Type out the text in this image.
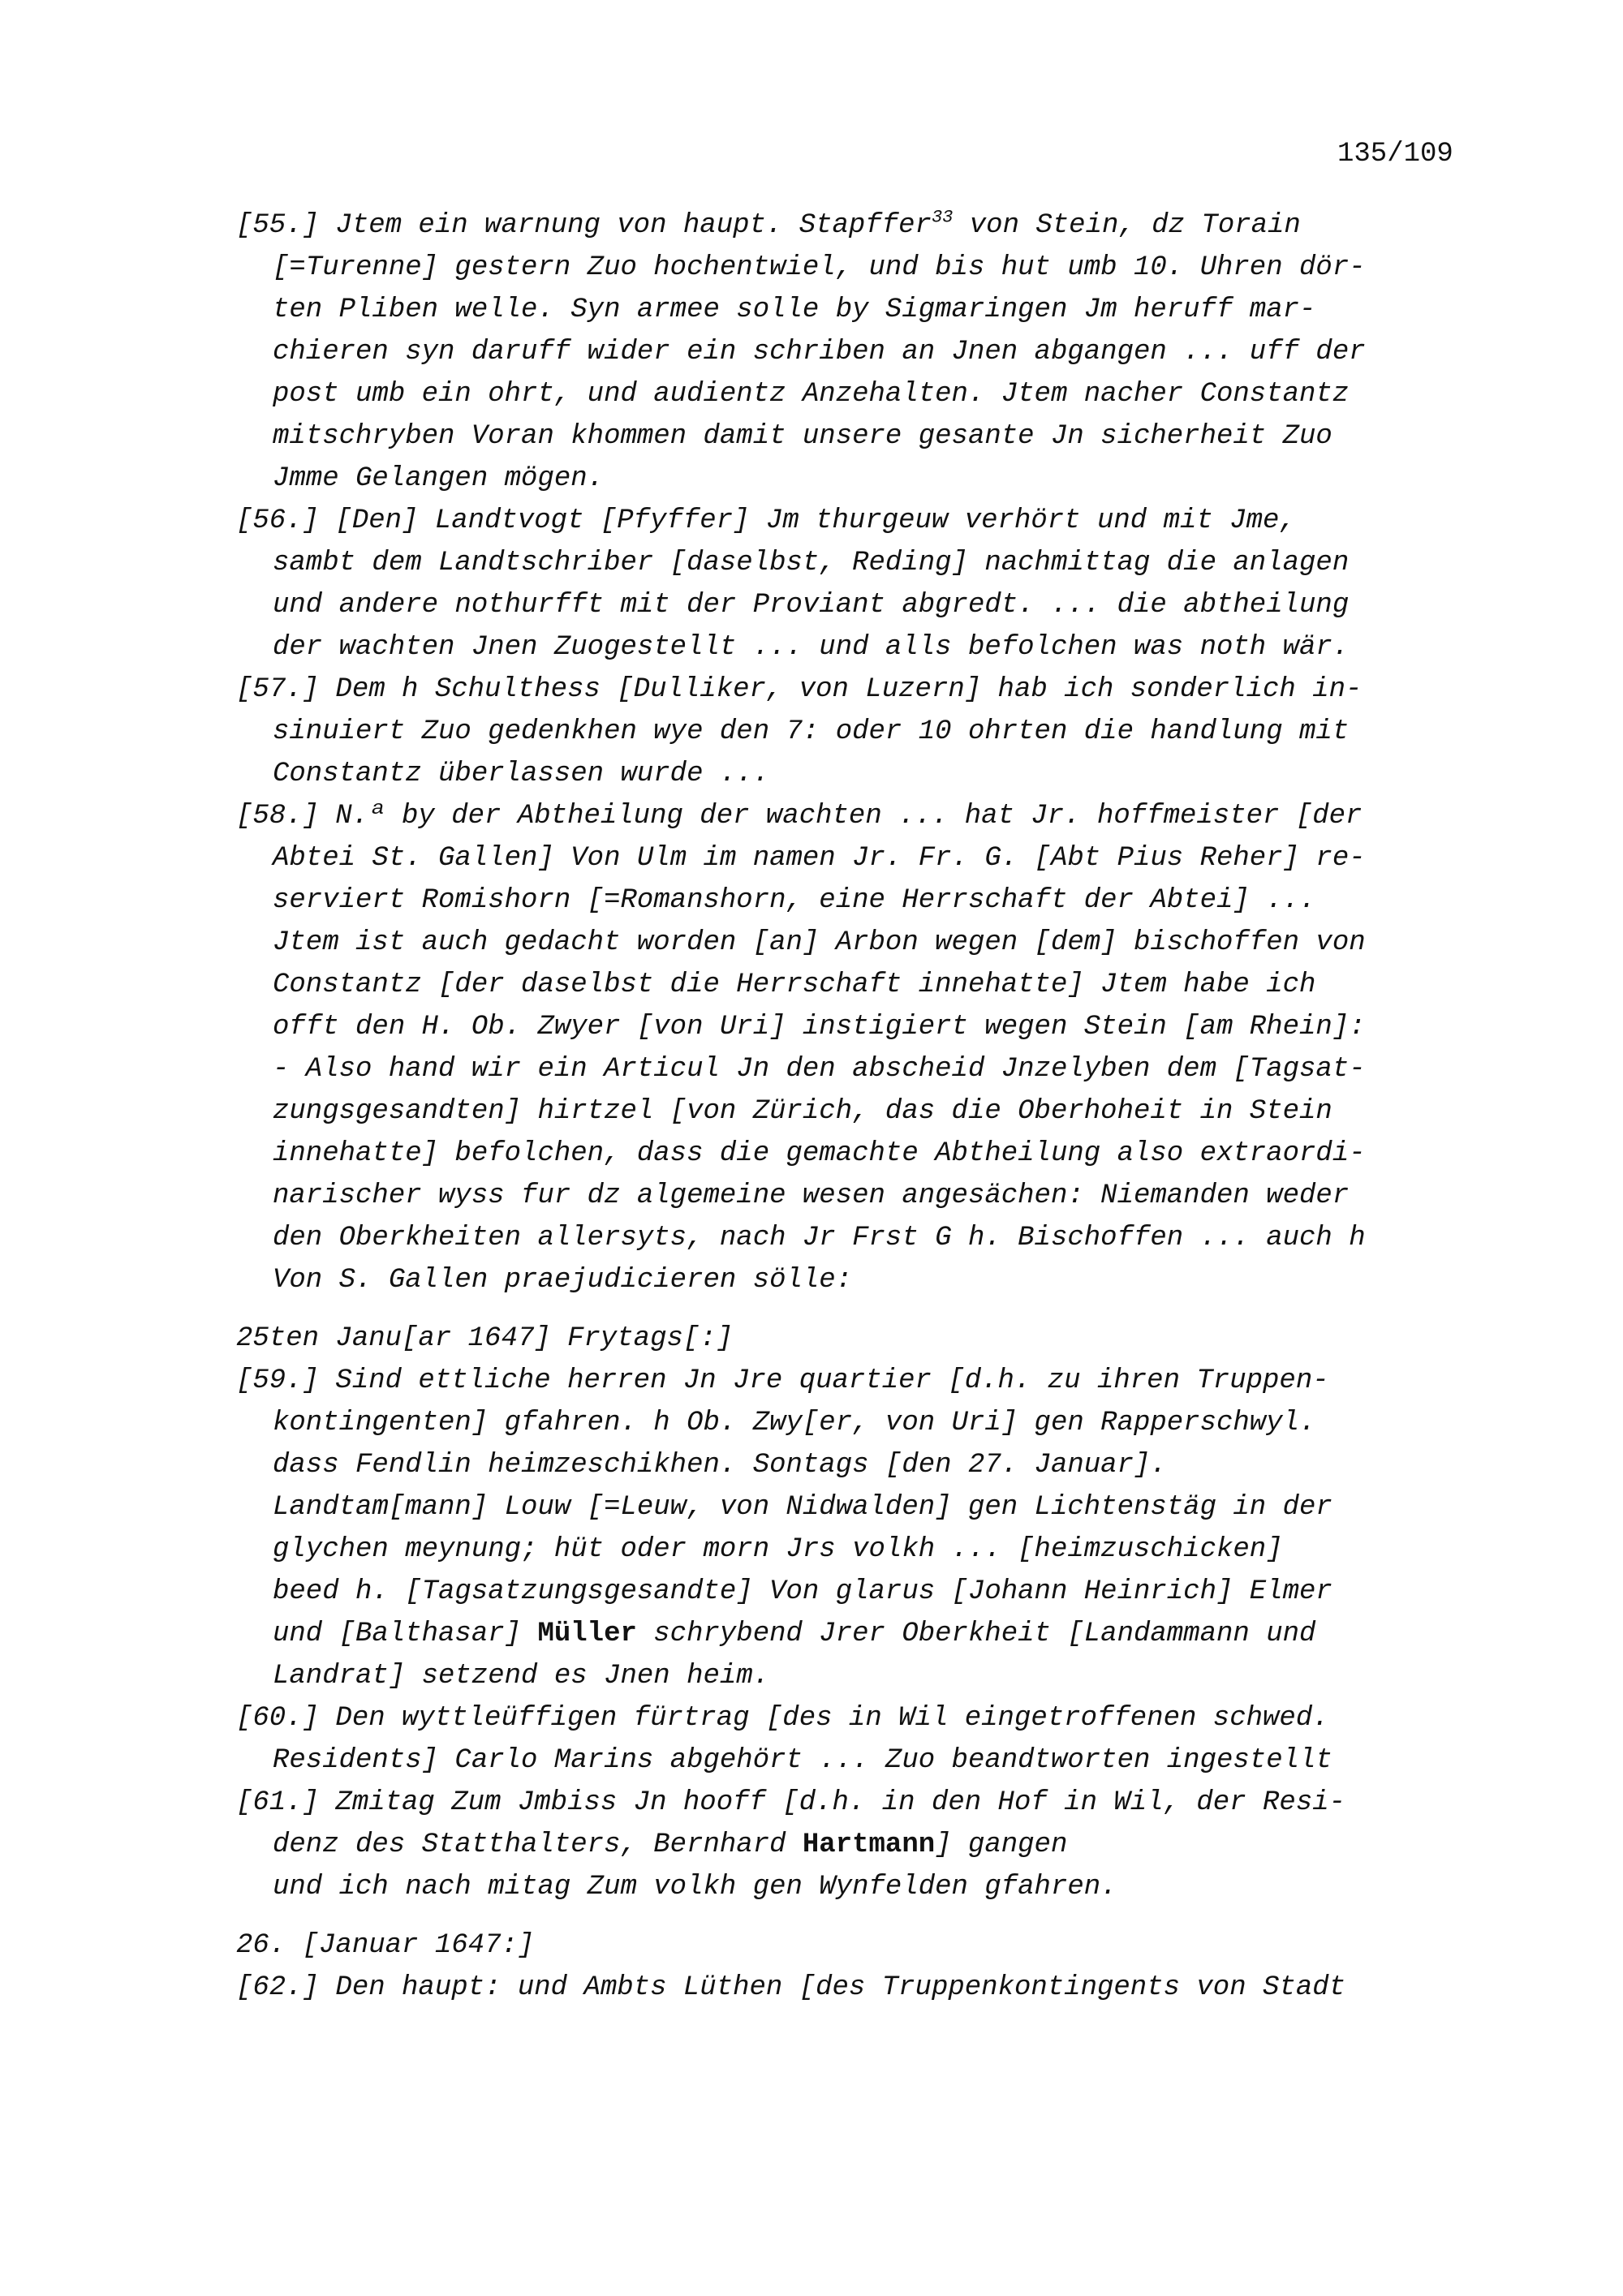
135/109
[55.] Jtem ein warnung von haupt. Stapffer$^{33}$ von Stein, dz Torain
[=Turenne] gestern Zuo hochentwiel, und bis hut umb 10. Uhren dör-
ten Pliben welle. Syn armee solle by Sigmaringen Jm heruff mar-
chieren syn daruff wider ein schriben an Jnen abgangen ... uff der
post umb ein ohrt, und audientz Anzehalten. Jtem nacher Constantz
mitschryben Voran khommen damit unsere gesante Jn sicherheit Zuo
Jmme Gelangen mögen.
[56.] [Den] Landtvogt [Pfyffer] Jm thurgeuw verhört und mit Jme,
sambt dem Landtschriber [daselbst, Reding] nachmittag die anlagen
und andere nothurfft mit der Proviant abgredt. ... die abtheilung
der wachten Jnen Zuogestellt ... und alls befolchen was noth wär.
[57.] Dem h Schulthess [Dulliker, von Luzern] hab ich sonderlich in-
sinuiert Zuo gedenkhen wye den 7: oder 10 ohrten die handlung mit
Constantz überlassen wurde ...
[58.] N.ª by der Abtheilung der wachten ... hat Jr. hoffmeister [der
Abtei St. Gallen] Von Ulm im namen Jr. Fr. G. [Abt Pius Reher] re-
serviert Romishorn [=Romanshorn, eine Herrschaft der Abtei] ...
Jtem ist auch gedacht worden [an] Arbon wegen [dem] bischoffen von
Constantz [der daselbst die Herrschaft innehatte] Jtem habe ich
offt den H. Ob. Zwyer [von Uri] instigiert wegen Stein [am Rhein]:
- Also hand wir ein Articul Jn den abscheid Jnzelyben dem [Tagsat-
zungsgesandten] hirtzel [von Zürich, das die Oberhoheit in Stein
innehatte] befolchen, dass die gemachte Abtheilung also extraordi-
narischer wyss fur dz algemeine wesen angesächen: Niemanden weder
den Oberkheiten allersyts, nach Jr Frst G h. Bischoffen ... auch h
Von S. Gallen praejudicieren sölle:
25ten Janu[ar 1647] Frytags[:]
[59.] Sind ettliche herren Jn Jre quartier [d.h. zu ihren Truppen-
kontingenten] gfahren. h Ob. Zwy[er, von Uri] gen Rapperschwyl.
dass Fendlin heimzeschikhen. Sontags [den 27. Januar].
Landtam[mann] Louw [=Leuw, von Nidwalden] gen Lichtenstäg in der
glychen meynung; hüt oder morn Jrs volkh ... [heimzuschicken]
beed h. [Tagsatzungsgesandte] Von glarus [Johann Heinrich] Elmer
und [Balthasar] Müller schrybend Jrer Oberkheit [Landammann und
Landrat] setzend es Jnen heim.
[60.] Den wyttleüffigen fürtrag [des in Wil eingetroffenen schwed.
Residents] Carlo Marins abgehört ... Zuo beandtworten ingestellt
[61.] Zmitag Zum Jmbiss Jn hooff [d.h. in den Hof in Wil, der Resi-
denz des Statthalters, Bernhard Hartmann] gangen
und ich nach mitag Zum volkh gen Wynfelden gfahren.
26. [Januar 1647:]
[62.] Den haupt: und Ambts Lüthen [des Truppenkontingents von Stadt
